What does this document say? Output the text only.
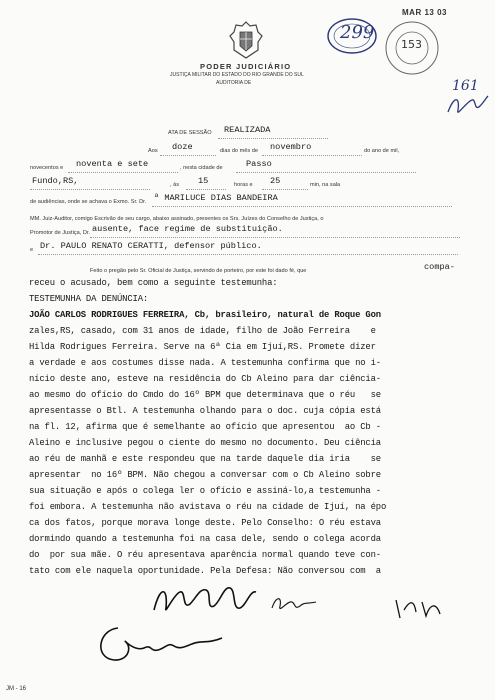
PODER JUDICIÁRIO
JUSTIÇA MILITAR DO ESTADO DO RIO GRANDE DO SUL
AUDITORIA DE
299
153
MAR 13 03
161
ATA DE SESSÃO REALIZADA
Aos doze	dias do mês de novembro	do ano de mil,
novecentos e noventa e sete	, nesta cidade de	Passo
Fundo,RS,	, às 15	horas e 25	min, na sala
de audiências, onde se achava o Exmo. Sr. Dr. ª MARILUCE DIAS BANDEIRA
MM. Juiz-Auditor, comigo Escrivão de seu cargo, abaixo assinado, presentes os Srs. Juízes do Conselho de Justiça, o
Promotor de Justiça, Dr. ausente, face regime de substituição.
e Dr. PAULO RENATO CERATTI, defensor público.
Feito o pregão pelo Sr. Oficial de Justiça, servindo de porteiro, por este foi dado fé, que	compa-
receu o acusado, bem como a seguinte testemunha:
TESTEMUNHA DA DENÚNCIA:
JOÃO CARLOS RODRIGUES FERREIRA, Cb, brasileiro, natural de Roque Gon
zales,RS, casado, com 31 anos de idade, filho de João Ferreira    e
Hilda Rodrigues Ferreira. Serve na 6ª Cia em Ijuí,RS. Promete dizer
a verdade e aos costumes disse nada. A testemunha confirma que no i-
nício deste ano, esteve na residência do Cb Aleino para dar ciência-
ao mesmo do ofício do Cmdo do 16º BPM que determinava que o réu   se
apresentasse o Btl. A testemunha olhando para o doc. cuja cópia está
na fl. 12, afirma que é semelhante ao ofício que apresentou  ao Cb -
Aleino e inclusive pegou o ciente do mesmo no documento. Deu ciência
ao réu de manhã e este respondeu que na tarde daquele dia iria    se
apresentar  no 16º BPM. Não chegou a conversar com o Cb Aleino sobre
sua situação e após o colega ler o ofício e assiná-lo,a testemunha -
foi embora. A testemunha não avistava o réu na cidade de Ijuí, na épo
ca dos fatos, porque morava longe deste. Pelo Conselho: O réu estava
dormindo quando a testemunha foi na casa dele, sendo o colega acorda
do  por sua mãe. O réu apresentava aparência normal quando teve con-
tato com ele naquela oportunidade. Pela Defesa: Não conversou com  a
JM - 16
